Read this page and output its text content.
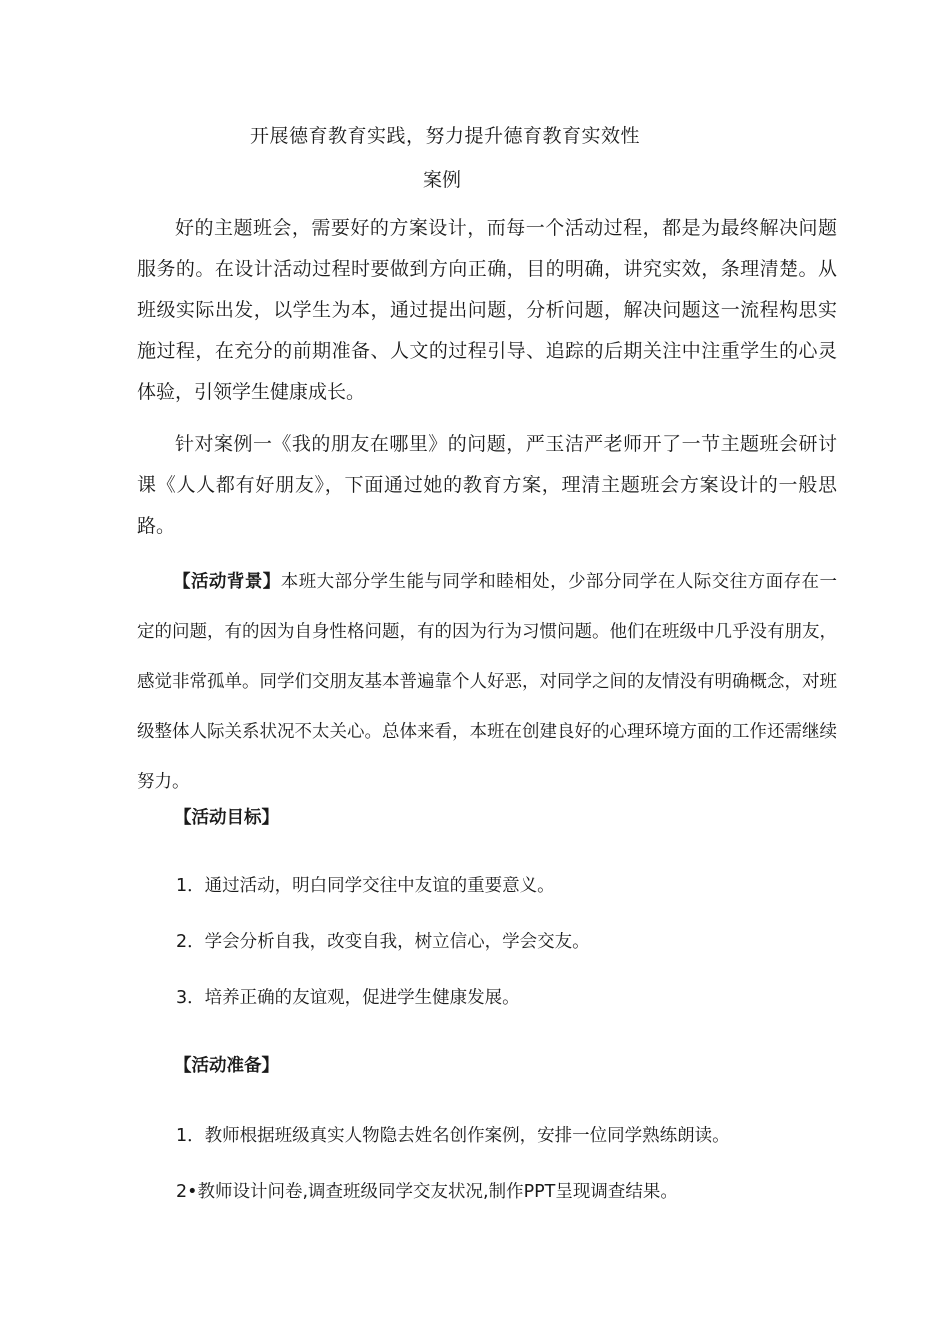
开展德育教育实践，努力提升德育教育实效性
案例
好的主题班会，需要好的方案设计，而每一个活动过程，都是为最终解决问题服务的。在设计活动过程时要做到方向正确，目的明确，讲究实效，条理清楚。从班级实际出发，以学生为本，通过提出问题，分析问题，解决问题这一流程构思实施过程，在充分的前期准备、人文的过程引导、追踪的后期关注中注重学生的心灵体验，引领学生健康成长。
针对案例一《我的朋友在哪里》的问题，严玉洁严老师开了一节主题班会研讨课《人人都有好朋友》，下面通过她的教育方案，理清主题班会方案设计的一般思路。
【活动背景】本班大部分学生能与同学和睦相处，少部分同学在人际交往方面存在一定的问题，有的因为自身性格问题，有的因为行为习惯问题。他们在班级中几乎没有朋友，感觉非常孤单。同学们交朋友基本普遍靠个人好恶，对同学之间的友情没有明确概念，对班级整体人际关系状况不太关心。总体来看，本班在创建良好的心理环境方面的工作还需继续努力。
【活动目标】
1．通过活动，明白同学交往中友谊的重要意义。
2．学会分析自我，改变自我，树立信心，学会交友。
3．培养正确的友谊观，促进学生健康发展。
【活动准备】
1．教师根据班级真实人物隐去姓名创作案例，安排一位同学熟练朗读。
2•教师设计问卷,调查班级同学交友状况,制作PPT呈现调查结果。
